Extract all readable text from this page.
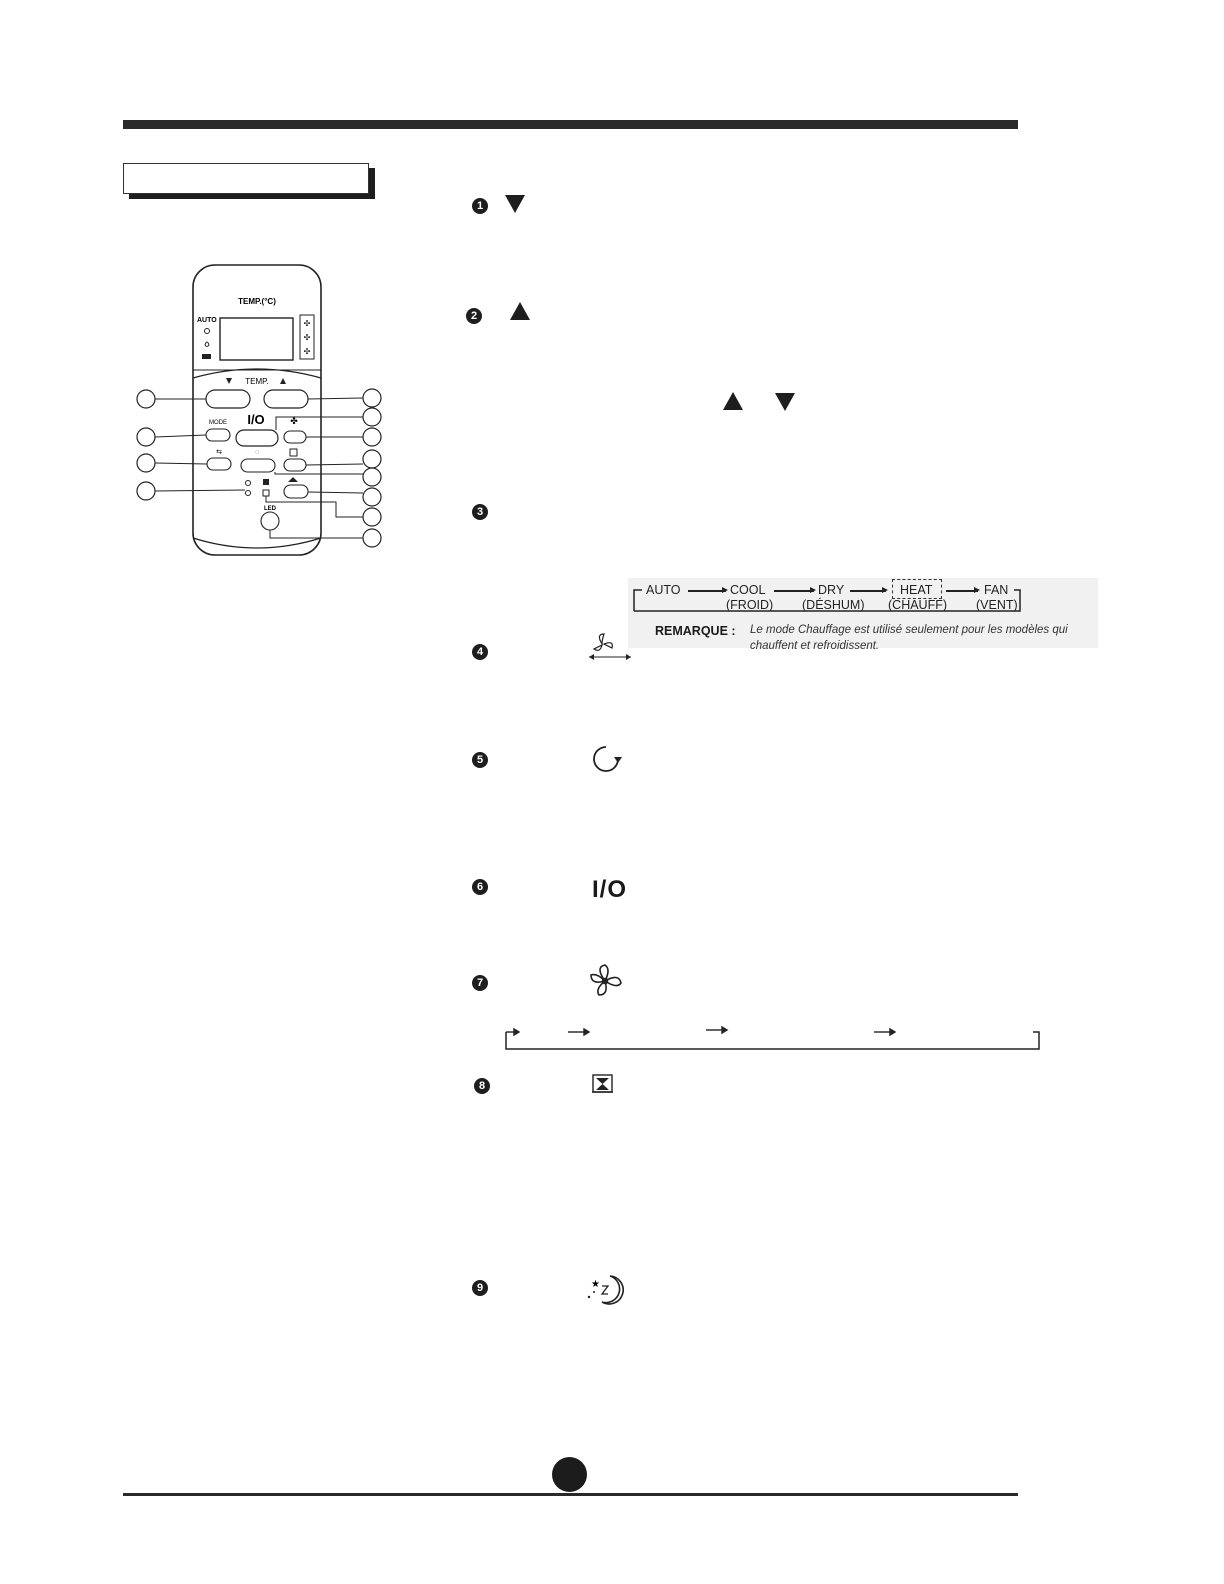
TEMP.(°C)
AUTO	✣
✣
✣
TEMP.
I/O
MODE	✤
⇆	◌
LED
1
2
3
AUTO	COOL
(FROID)
DRY
(DÉSHUM)
HEAT
(CHAUFF)
FAN
(VENT)
REMARQUE : Le mode Chauffage est utilisé seulement pour les modèles qui chauffent et refroidissent.
4
5
6	I/O
7
8
9	★
